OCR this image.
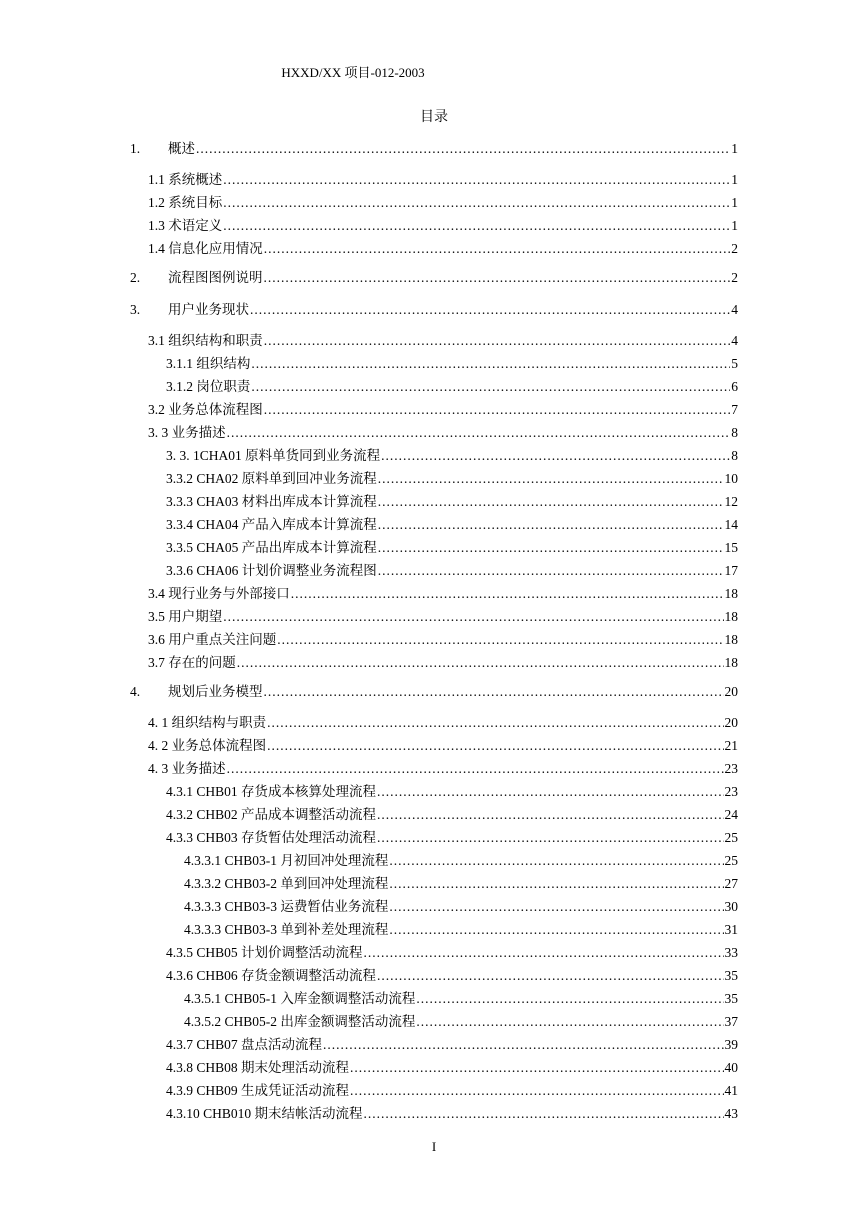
HXXD/XX 项目-012-2003
目录
1.	概述 .....	1
1.1 系统概述 .....	1
1.2 系统目标 .....	1
1.3 术语定义 .....	1
1.4 信息化应用情况 .....	2
2.	流程图图例说明 .....	2
3.	用户业务现状 .....	4
3.1 组织结构和职责 .....	4
3.1.1 组织结构 .....	5
3.1.2 岗位职责 .....	6
3.2 业务总体流程图 .....	7
3. 3 业务描述 .....	8
3. 3. 1CHA01 原料单货同到业务流程 .....	8
3.3.2 CHA02 原料单到回冲业务流程 .....	10
3.3.3 CHA03 材料出库成本计算流程 .....	12
3.3.4 CHA04 产品入库成本计算流程 .....	14
3.3.5 CHA05 产品出库成本计算流程 .....	15
3.3.6 CHA06 计划价调整业务流程图 .....	17
3.4 现行业务与外部接口 .....	18
3.5 用户期望 .....	18
3.6 用户重点关注问题 .....	18
3.7 存在的问题 .....	18
4.	规划后业务模型 .....	20
4. 1 组织结构与职责 .....	20
4. 2 业务总体流程图 .....	21
4. 3 业务描述 .....	23
4.3.1 CHB01 存货成本核算处理流程 .....	23
4.3.2 CHB02 产品成本调整活动流程 .....	24
4.3.3 CHB03 存货暂估处理活动流程 .....	25
4.3.3.1 CHB03-1 月初回冲处理流程 .....	25
4.3.3.2 CHB03-2 单到回冲处理流程 .....	27
4.3.3.3 CHB03-3 运费暂估业务流程 .....	30
4.3.3.3 CHB03-3 单到补差处理流程 .....	31
4.3.5 CHB05 计划价调整活动流程 .....	33
4.3.6 CHB06 存货金额调整活动流程 .....	35
4.3.5.1 CHB05-1 入库金额调整活动流程 .....	35
4.3.5.2 CHB05-2 出库金额调整活动流程 .....	37
4.3.7 CHB07 盘点活动流程 .....	39
4.3.8 CHB08 期末处理活动流程 .....	40
4.3.9 CHB09 生成凭证活动流程 .....	41
4.3.10 CHB010 期末结帐活动流程 .....	43
I
